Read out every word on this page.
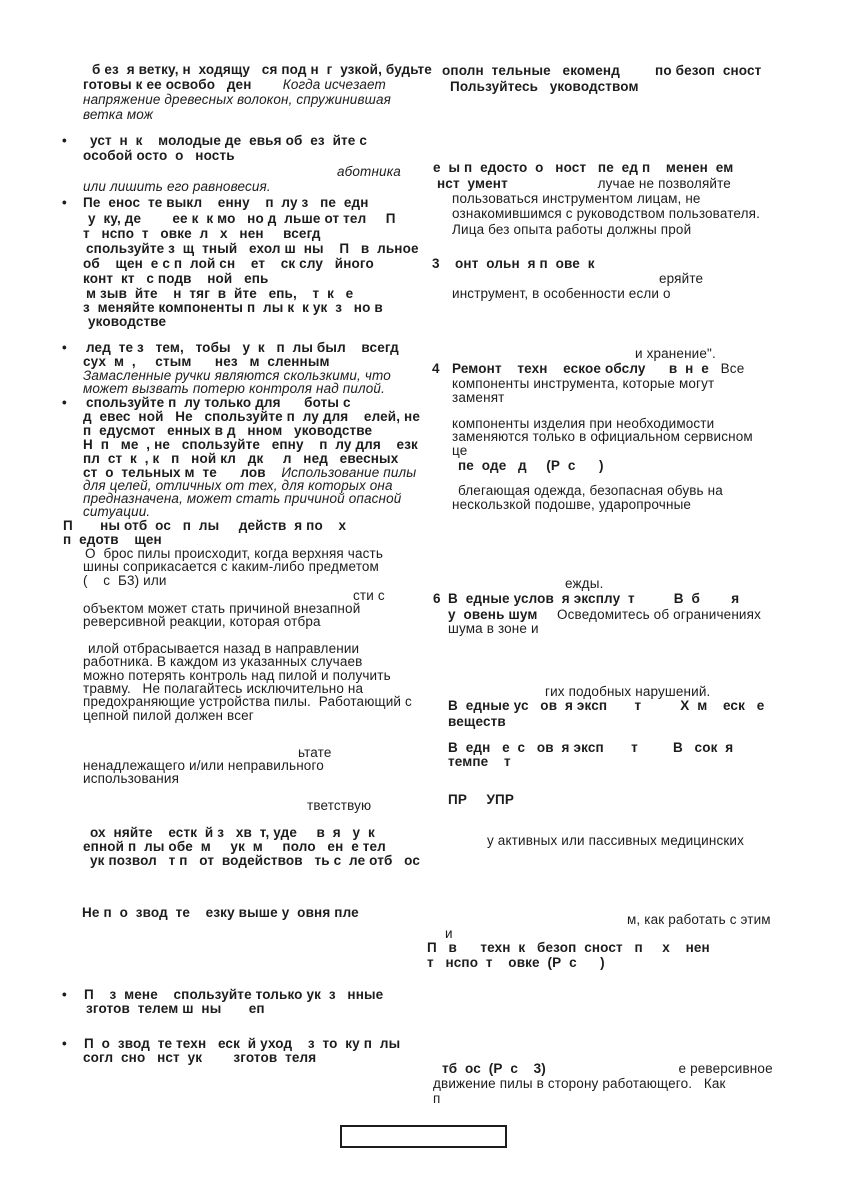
б ез  я ветку, н  ходящу   ся под н  г  узкой, будьте
готовы к ее освобо   ден        Когда исчезает
напряжение древесных волокон, спружинившая
ветка мож
• уст  н  к    молодые де  евья об  ез  йте с
особой осто  о   ность
аботника
или лишить его равновесия.
• Пе  енос  те выкл    енну    п  лу з   пе  едн
у  ку, де        ее к  к мо   но д  льше от тел     П
т   нспо  т   овке  л   х   нен     всегд
спользуйте з  щ  тный   ехол ш  ны    П   в  льное
об    щен  е с п  лой сн    ет    ск слу   йного
конт  кт   с подв    ной   епь
м зыв  йте    н  тяг  в  йте   епь,    т  к   е
з  меняйте компоненты п  лы к  к ук  з   но в
уководстве
• лед  те з   тем,   тобы   у  к   п  лы был    всегд
сух  м  ,     стым      нез   м  сленным
Замасленные ручки являются скользкими, что
может вызвать потерю контроля над пилой.
• спользуйте п  лу только для      боты с
д  евес  ной   Не   спользуйте п  лу для    елей, не
п  едусмот   енных в д   нном   уководстве
Н  п   ме  , не   спользуйте   епну    п  лу для    езк
пл  ст  к  , к   п   ной кл   дк     л   нед   евесных
ст  о  тельных м  те      лов    Использование пилы
для целей, отличных от тех, для которых она
предназначена, может стать причиной опасной
ситуации.
П       ны отб  ос   п  лы     действ  я по    х
п  едотв    щен
О  брос пилы происходит, когда верхняя часть
шины соприкасается с каким-либо предметом
(    с  Б3) или
сти с
объектом может стать причиной внезапной
реверсивной реакции, которая отбра
илой отбрасывается назад в направлении
работника. В каждом из указанных случаев
можно потерять контроль над пилой и получить
травму.   Не полагайтесь исключительно на
предохраняющие устройства пилы.  Работающий с
цепной пилой должен всег
ьтате
ненадлежащего и/или неправильного
использования
тветствую
ох  няйте    естк  й з   хв  т, уде     в  я   у  к
епной п  лы обе  м     ук  м     поло   ен  е тел
ук позвол   т п   от  водействов   ть с  ле отб   ос
Не п  о  звод  те    езку выше у  овня пле
• П    з  мене    спользуйте только ук  з   нные
зготов  телем ш  ны       еп
• П  о  звод  те техн   еск  й уход    з  то  ку п  лы
согл  сно   нст  ук        зготов  теля
ополн  тельные   екоменд         по безоп  сност
Пользуйтесь   уководством
е  ы п  едосто  о   ност   пе  ед п    менен  ем
нст  умент                       лучае не позволяйте
пользоваться инструментом лицам, не
ознакомившимся с руководством пользователя.
Лица без опыта работы должны прой
3 онт  ольн  я п  ове  к
еряйте
инструмент, в особенности если о
и хранение".
4 Ремонт    техн    еское обслу      в  н  е   Все
компоненты инструмента, которые могут
заменят
компоненты изделия при необходимости
заменяются только в официальном сервисном
це
пе  оде   д     (Р  с      )
блегающая одежда, безопасная обувь на
нескользкой подошве, ударопрочные
ежды.
6 В  едные услов  я эксплу  т          В  б        я
у  овень шум     Осведомитесь об ограничениях
шума в зоне и
гих подобных нарушений.
В  едные ус   ов  я эксп       т          Х  м    еск   е
веществ
В  едн   е  с   ов  я эксп       т         В   сок  я
темпе    т
ПР     УПР
у активных или пассивных медицинских
м, как работать с этим
и
П   в      техн  к   безоп  сност   п     х    нен
т   нспо  т    овке  (Р  с      )
тб  ос  (Р  с    3)                                  е реверсивное
движение пилы в сторону работающего.   Как
п
